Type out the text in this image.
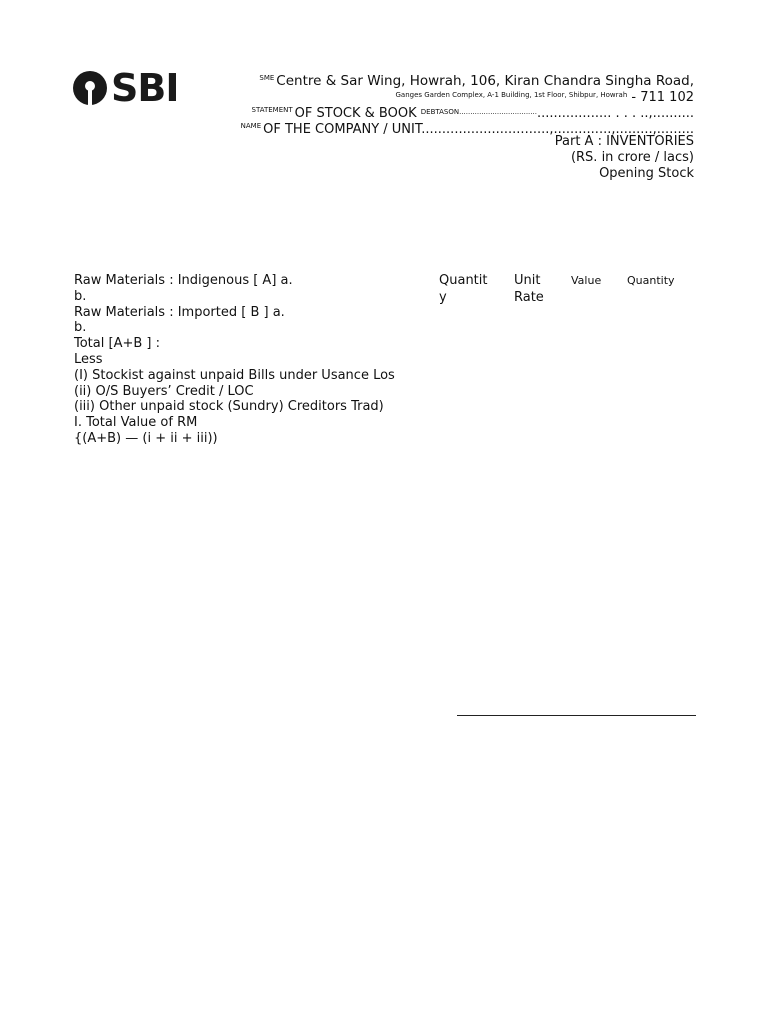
SBI	$^{SME}$ Centre & Sar Wing, Howrah, 106, Kiran Chandra Singha Road,
$^{Ganges Garden Complex, A-1 Building, 1st Floor, Shibpur, Howrah}$ - 711 102
$^{STATEMENT}$ OF STOCK & BOOK $^{DEBTASON...................................}$.................. . . . ..,..........
$^{NAME}$ OF THE COMPANY / UNIT...............................,..............,.........,.........
Part A : INVENTORIES
(RS. in crore / lacs)
Opening Stock
Raw Materials : Indigenous [ A] a.
b.
Raw Materials : Imported [ B ] a.
b.
Total [A+B ] :
Less
(I) Stockist against unpaid Bills under Usance Los
(ii) O/S Buyers’ Credit / LOC
(iii) Other unpaid stock (Sundry) Creditors Trad)
I. Total Value of RM
{(A+B) — (i + ii + iii))
Quantit
y
Unit
Rate
Value Quantity
